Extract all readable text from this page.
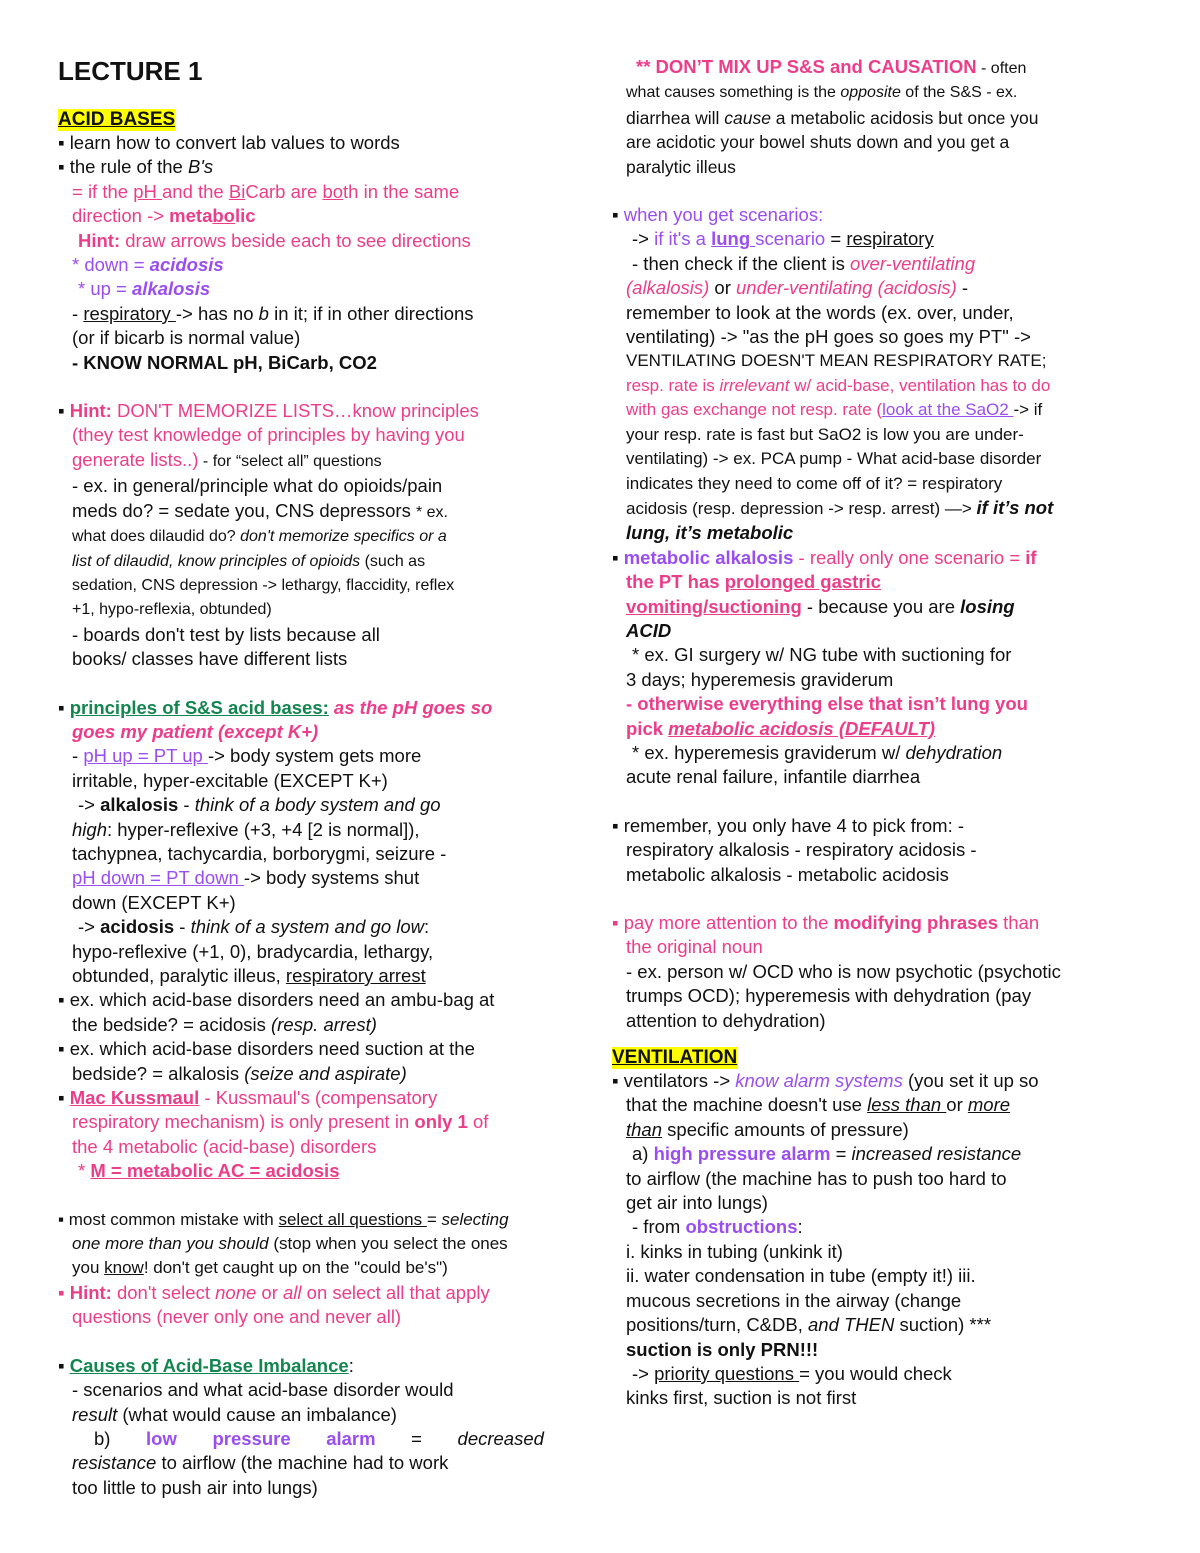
LECTURE 1
ACID BASES
▪ learn how to convert lab values to words
▪ the rule of the B's
= if the pH and the BiCarb are both in the same
direction -> metabolic
Hint: draw arrows beside each to see directions
* down = acidosis
* up = alkalosis
- respiratory -> has no b in it; if in other directions
(or if bicarb is normal value)
- KNOW NORMAL pH, BiCarb, CO2
▪ Hint: DON'T MEMORIZE LISTS…know principles
(they test knowledge of principles by having you
generate lists..) - for “select all” questions
- ex. in general/principle what do opioids/pain
meds do? = sedate you, CNS depressors * ex.
what does dilaudid do? don't memorize specifics or a
list of dilaudid, know principles of opioids (such as
sedation, CNS depression -> lethargy, flaccidity, reflex
+1, hypo-reflexia, obtunded)
- boards don't test by lists because all
books/ classes have different lists
▪ principles of S&S acid bases: as the pH goes so
goes my patient (except K+)
- pH up = PT up -> body system gets more
irritable, hyper-excitable (EXCEPT K+)
-> alkalosis - think of a body system and go
high: hyper-reflexive (+3, +4 [2 is normal]),
tachypnea, tachycardia, borborygmi, seizure -
pH down = PT down -> body systems shut
down (EXCEPT K+)
-> acidosis - think of a system and go low:
hypo-reflexive (+1, 0), bradycardia, lethargy,
obtunded, paralytic illeus, respiratory arrest
▪ ex. which acid-base disorders need an ambu-bag at
the bedside? = acidosis (resp. arrest)
▪ ex. which acid-base disorders need suction at the
bedside? = alkalosis (seize and aspirate)
▪ Mac Kussmaul - Kussmaul's (compensatory
respiratory mechanism) is only present in only 1 of
the 4 metabolic (acid-base) disorders
* M = metabolic AC = acidosis
▪ most common mistake with select all questions = selecting
one more than you should (stop when you select the ones
you know! don't get caught up on the "could be's")
▪ Hint: don't select none or all on select all that apply
questions (never only one and never all)
▪ Causes of Acid-Base Imbalance:
- scenarios and what acid-base disorder would
result (what would cause an imbalance)
b) low pressure alarm = decreased
resistance to airflow (the machine had to work
too little to push air into lungs)
** DON’T MIX UP S&S and CAUSATION - often
what causes something is the opposite of the S&S - ex.
diarrhea will cause a metabolic acidosis but once you
are acidotic your bowel shuts down and you get a
paralytic illeus
▪ when you get scenarios:
-> if it's a lung scenario = respiratory
- then check if the client is over-ventilating
(alkalosis) or under-ventilating (acidosis) -
remember to look at the words (ex. over, under,
ventilating) -> "as the pH goes so goes my PT" ->
VENTILATING DOESN'T MEAN RESPIRATORY RATE;
resp. rate is irrelevant w/ acid-base, ventilation has to do
with gas exchange not resp. rate (look at the SaO2 -> if
your resp. rate is fast but SaO2 is low you are under-
ventilating) -> ex. PCA pump - What acid-base disorder
indicates they need to come off of it? = respiratory
acidosis (resp. depression -> resp. arrest) —> if it’s not
lung, it’s metabolic
▪ metabolic alkalosis - really only one scenario = if
the PT has prolonged gastric
vomiting/suctioning - because you are losing
ACID
* ex. GI surgery w/ NG tube with suctioning for
3 days; hyperemesis graviderum
- otherwise everything else that isn’t lung you
pick metabolic acidosis (DEFAULT)
* ex. hyperemesis graviderum w/ dehydration
acute renal failure, infantile diarrhea
▪ remember, you only have 4 to pick from: -
respiratory alkalosis - respiratory acidosis -
metabolic alkalosis - metabolic acidosis
▪ pay more attention to the modifying phrases than
the original noun
- ex. person w/ OCD who is now psychotic (psychotic
trumps OCD); hyperemesis with dehydration (pay
attention to dehydration)
VENTILATION
▪ ventilators -> know alarm systems (you set it up so
that the machine doesn't use less than or more
than specific amounts of pressure)
a) high pressure alarm = increased resistance
to airflow (the machine has to push too hard to
get air into lungs)
- from obstructions:
i. kinks in tubing (unkink it)
ii. water condensation in tube (empty it!) iii.
mucous secretions in the airway (change
positions/turn, C&DB, and THEN suction) ***
suction is only PRN!!!
-> priority questions = you would check
kinks first, suction is not first
